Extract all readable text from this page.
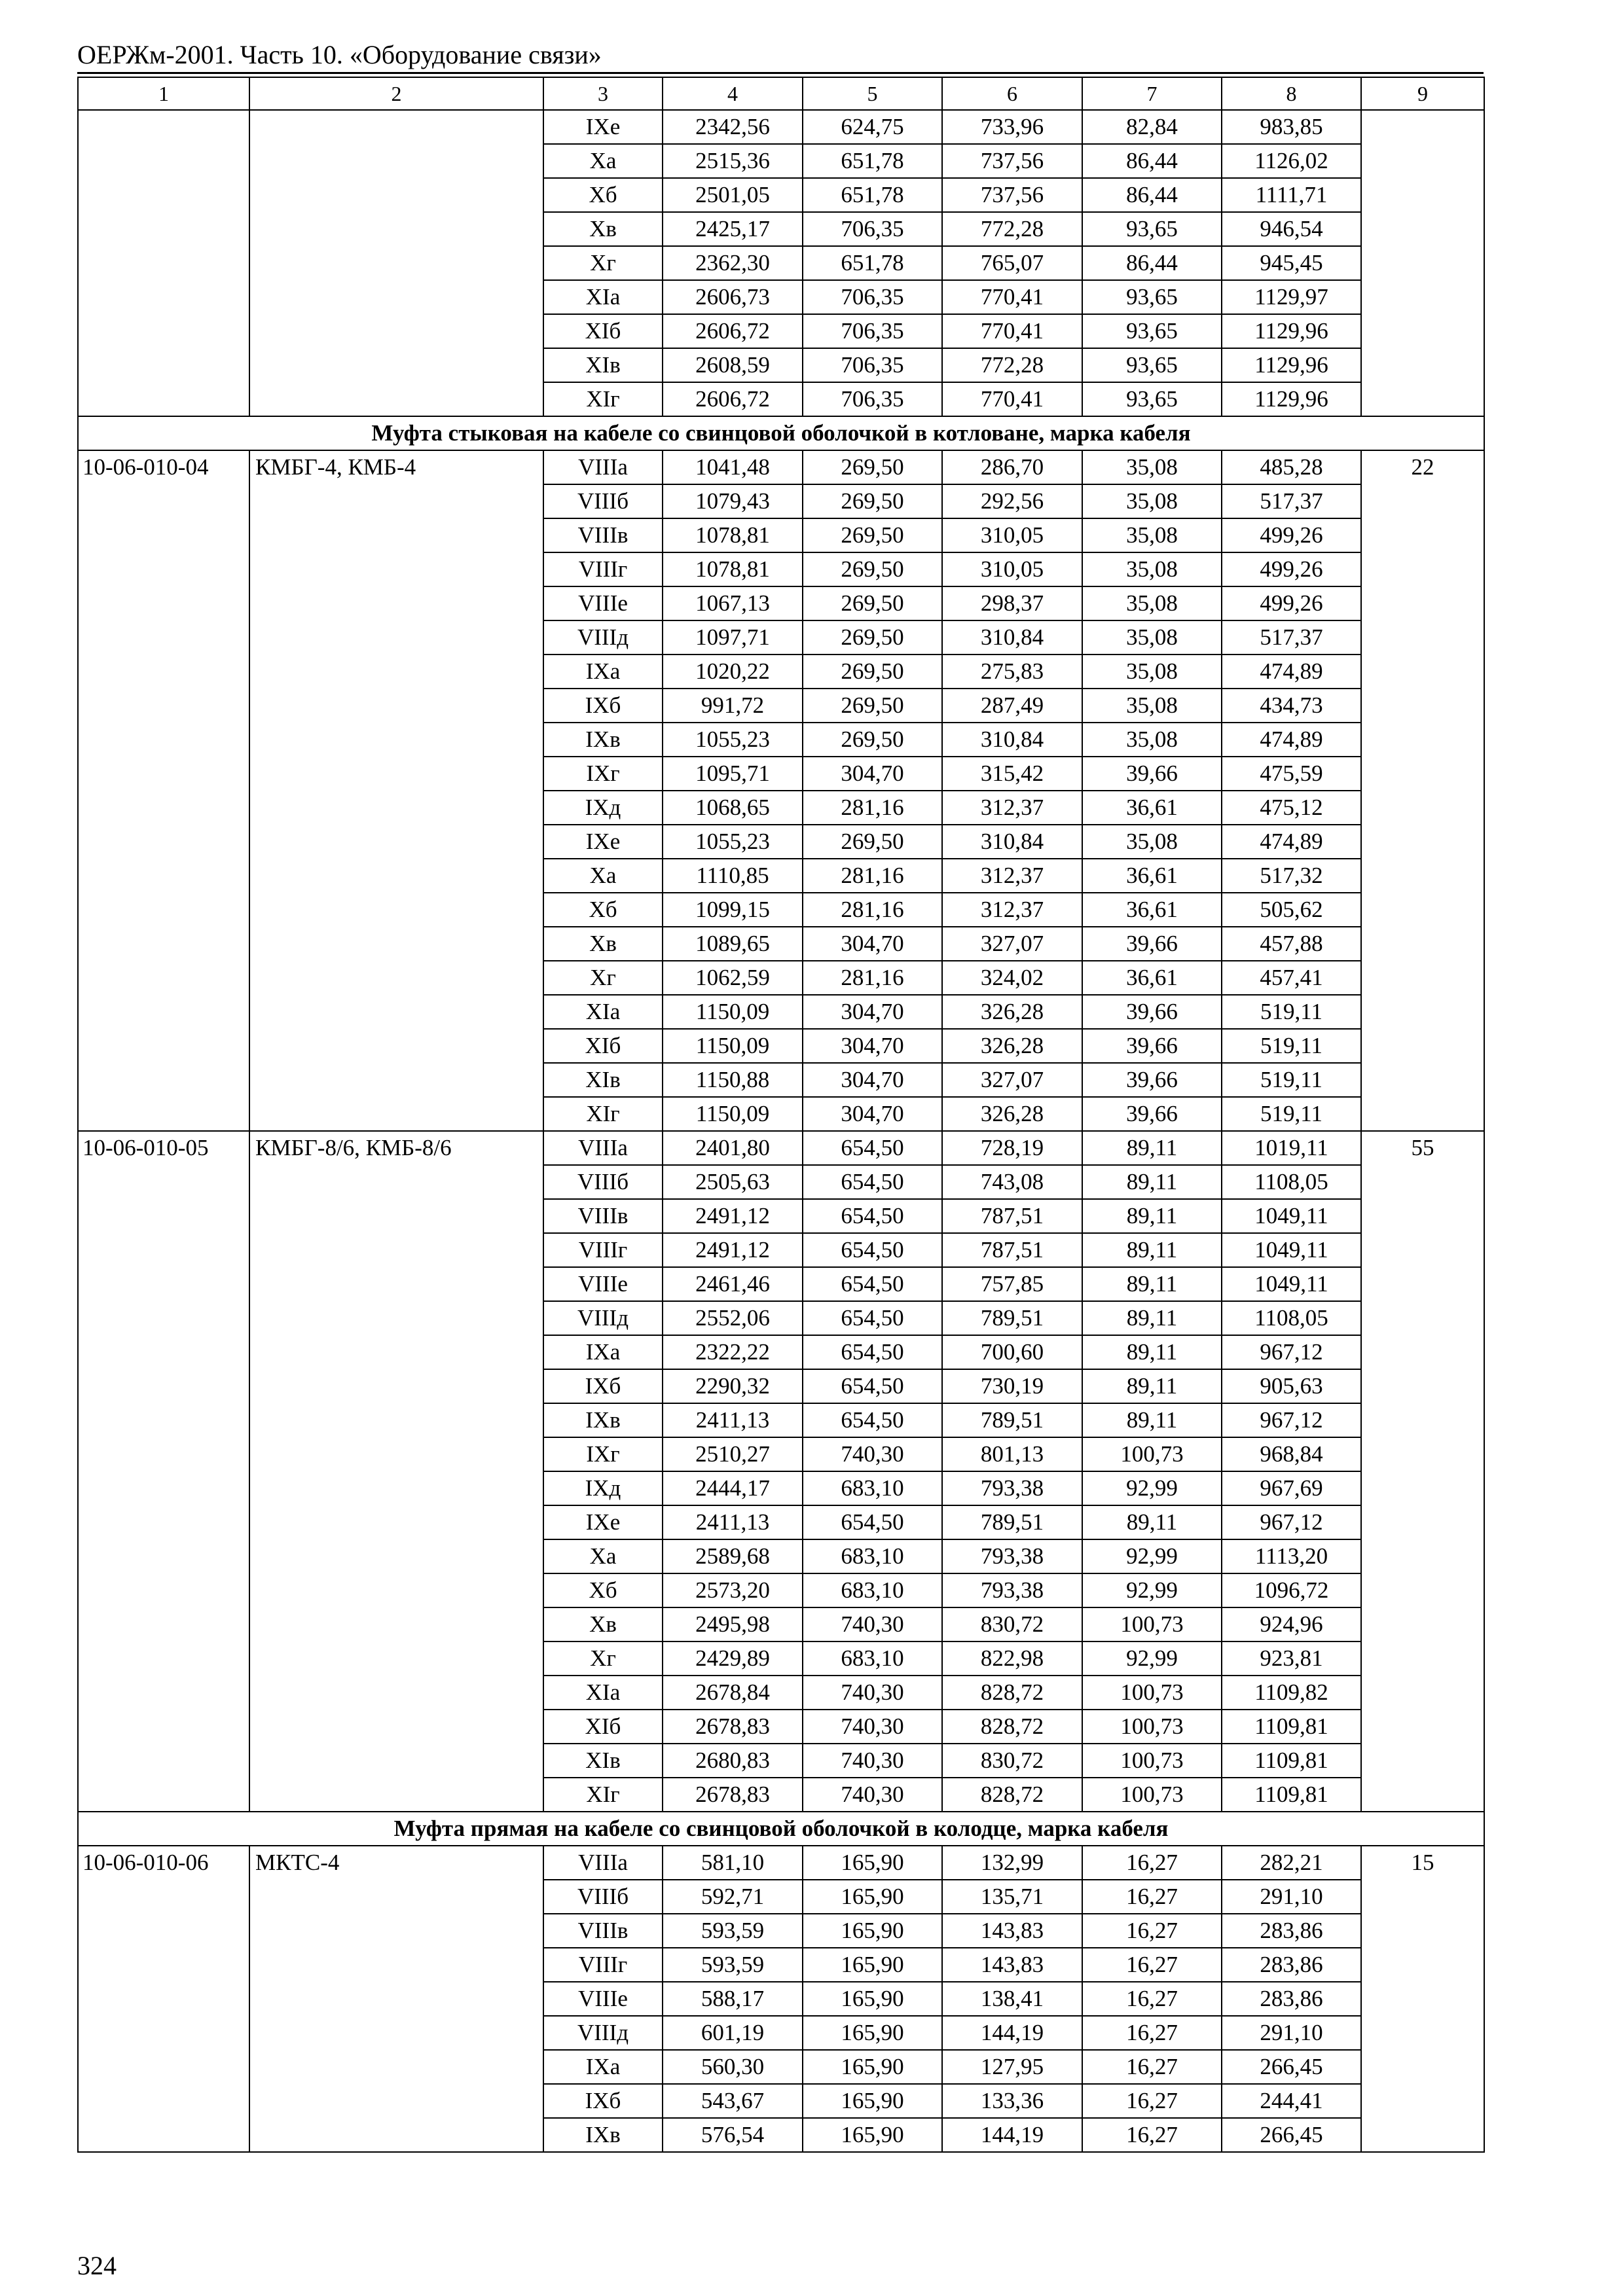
ОЕРЖм-2001. Часть 10. «Оборудование связи»
1	2	3	4	5	6	7	8	9
		IXе	2342,56	624,75	733,96	82,84	983,85	
		Xа	2515,36	651,78	737,56	86,44	1126,02	
		Xб	2501,05	651,78	737,56	86,44	1111,71	
		Xв	2425,17	706,35	772,28	93,65	946,54	
		Xг	2362,30	651,78	765,07	86,44	945,45	
		XIа	2606,73	706,35	770,41	93,65	1129,97	
		XIб	2606,72	706,35	770,41	93,65	1129,96	
		XIв	2608,59	706,35	772,28	93,65	1129,96	
		XIг	2606,72	706,35	770,41	93,65	1129,96	
Муфта стыковая на кабеле со свинцовой оболочкой в котловане, марка кабеля								
10-06-010-04	КМБГ-4, КМБ-4	VIIIа	1041,48	269,50	286,70	35,08	485,28	22
		VIIIб	1079,43	269,50	292,56	35,08	517,37	
		VIIIв	1078,81	269,50	310,05	35,08	499,26	
		VIIIг	1078,81	269,50	310,05	35,08	499,26	
		VIIIе	1067,13	269,50	298,37	35,08	499,26	
		VIIIд	1097,71	269,50	310,84	35,08	517,37	
		IXа	1020,22	269,50	275,83	35,08	474,89	
		IXб	991,72	269,50	287,49	35,08	434,73	
		IXв	1055,23	269,50	310,84	35,08	474,89	
		IXг	1095,71	304,70	315,42	39,66	475,59	
		IXд	1068,65	281,16	312,37	36,61	475,12	
		IXе	1055,23	269,50	310,84	35,08	474,89	
		Xа	1110,85	281,16	312,37	36,61	517,32	
		Xб	1099,15	281,16	312,37	36,61	505,62	
		Xв	1089,65	304,70	327,07	39,66	457,88	
		Xг	1062,59	281,16	324,02	36,61	457,41	
		XIа	1150,09	304,70	326,28	39,66	519,11	
		XIб	1150,09	304,70	326,28	39,66	519,11	
		XIв	1150,88	304,70	327,07	39,66	519,11	
		XIг	1150,09	304,70	326,28	39,66	519,11	
10-06-010-05	КМБГ-8/6, КМБ-8/6	VIIIа	2401,80	654,50	728,19	89,11	1019,11	55
		VIIIб	2505,63	654,50	743,08	89,11	1108,05	
		VIIIв	2491,12	654,50	787,51	89,11	1049,11	
		VIIIг	2491,12	654,50	787,51	89,11	1049,11	
		VIIIе	2461,46	654,50	757,85	89,11	1049,11	
		VIIIд	2552,06	654,50	789,51	89,11	1108,05	
		IXа	2322,22	654,50	700,60	89,11	967,12	
		IXб	2290,32	654,50	730,19	89,11	905,63	
		IXв	2411,13	654,50	789,51	89,11	967,12	
		IXг	2510,27	740,30	801,13	100,73	968,84	
		IXд	2444,17	683,10	793,38	92,99	967,69	
		IXе	2411,13	654,50	789,51	89,11	967,12	
		Xа	2589,68	683,10	793,38	92,99	1113,20	
		Xб	2573,20	683,10	793,38	92,99	1096,72	
		Xв	2495,98	740,30	830,72	100,73	924,96	
		Xг	2429,89	683,10	822,98	92,99	923,81	
		XIа	2678,84	740,30	828,72	100,73	1109,82	
		XIб	2678,83	740,30	828,72	100,73	1109,81	
		XIв	2680,83	740,30	830,72	100,73	1109,81	
		XIг	2678,83	740,30	828,72	100,73	1109,81	
Муфта прямая на кабеле со свинцовой оболочкой в колодце, марка кабеля								
10-06-010-06	МКТС-4	VIIIа	581,10	165,90	132,99	16,27	282,21	15
		VIIIб	592,71	165,90	135,71	16,27	291,10	
		VIIIв	593,59	165,90	143,83	16,27	283,86	
		VIIIг	593,59	165,90	143,83	16,27	283,86	
		VIIIе	588,17	165,90	138,41	16,27	283,86	
		VIIIд	601,19	165,90	144,19	16,27	291,10	
		IXа	560,30	165,90	127,95	16,27	266,45	
		IXб	543,67	165,90	133,36	16,27	244,41	
		IXв	576,54	165,90	144,19	16,27	266,45	
324
